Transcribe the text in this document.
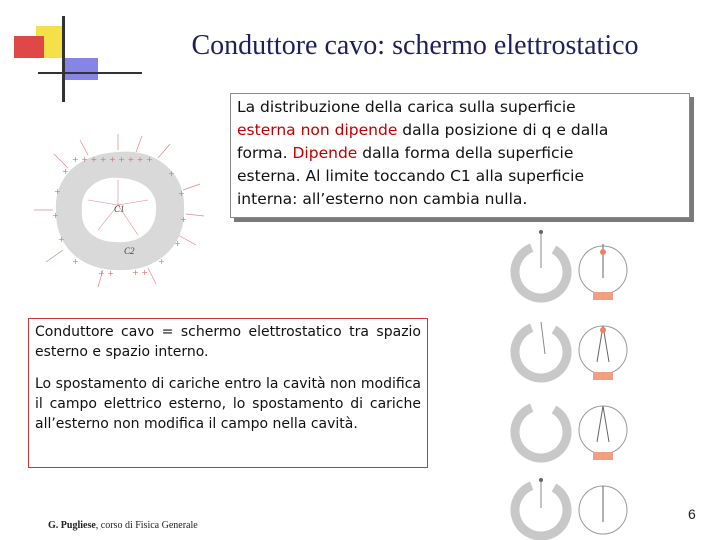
Conduttore cavo: schermo elettrostatico
+ + + + + + + + +
+
+
+
+
+
+ +
+ +
+
+
+
+
+
C1
C2

La distribuzione della carica sulla superficie
esterna non dipende dalla posizione di q e dalla
forma. Dipende dalla forma della superficie
esterna. Al limite toccando C1 alla superficie
interna: all’esterno non cambia nulla.

Conduttore cavo = schermo elettrostatico tra spazio esterno e spazio interno.

Lo spostamento di cariche entro la cavità non modifica il campo elettrico esterno, lo spostamento di cariche all’esterno non modifica il campo nella cavità.

G. Pugliese, corso di Fisica Generale
6
